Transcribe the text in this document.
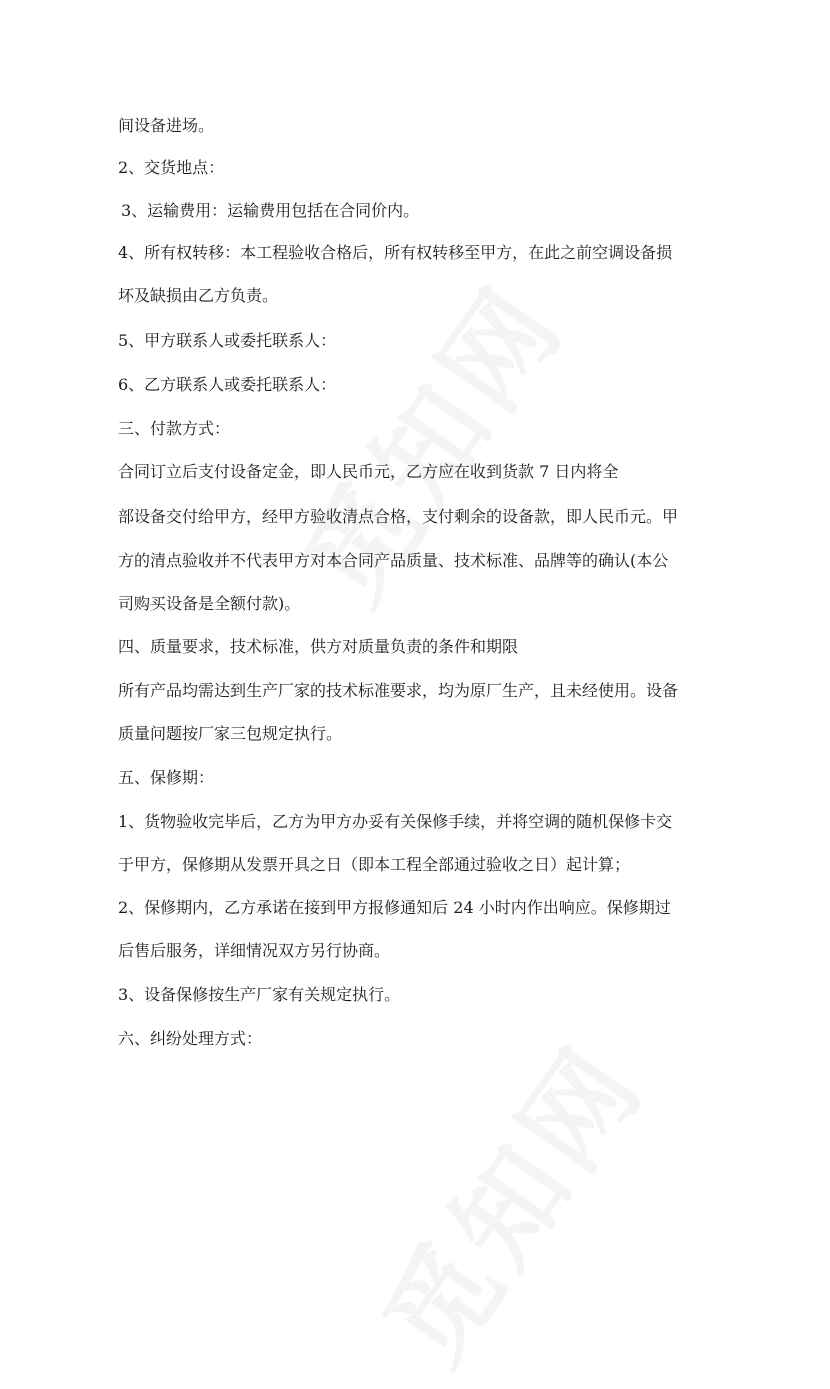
间设备进场。
2、交货地点：
3、运输费用：运输费用包括在合同价内。
4、所有权转移：本工程验收合格后，所有权转移至甲方，在此之前空调设备损
坏及缺损由乙方负责。
5、甲方联系人或委托联系人：
6、乙方联系人或委托联系人：
三、付款方式：
合同订立后支付设备定金，即人民币元，乙方应在收到货款 7 日内将全
部设备交付给甲方，经甲方验收清点合格，支付剩余的设备款，即人民币元。甲
方的清点验收并不代表甲方对本合同产品质量、技术标准、品牌等的确认(本公
司购买设备是全额付款)。
四、质量要求，技术标准，供方对质量负责的条件和期限
所有产品均需达到生产厂家的技术标准要求，均为原厂生产，且未经使用。设备
质量问题按厂家三包规定执行。
五、保修期：
1、货物验收完毕后，乙方为甲方办妥有关保修手续，并将空调的随机保修卡交
于甲方，保修期从发票开具之日（即本工程全部通过验收之日）起计算；
2、保修期内，乙方承诺在接到甲方报修通知后 24 小时内作出响应。保修期过
后售后服务，详细情况双方另行协商。
3、设备保修按生产厂家有关规定执行。
六、纠纷处理方式：
